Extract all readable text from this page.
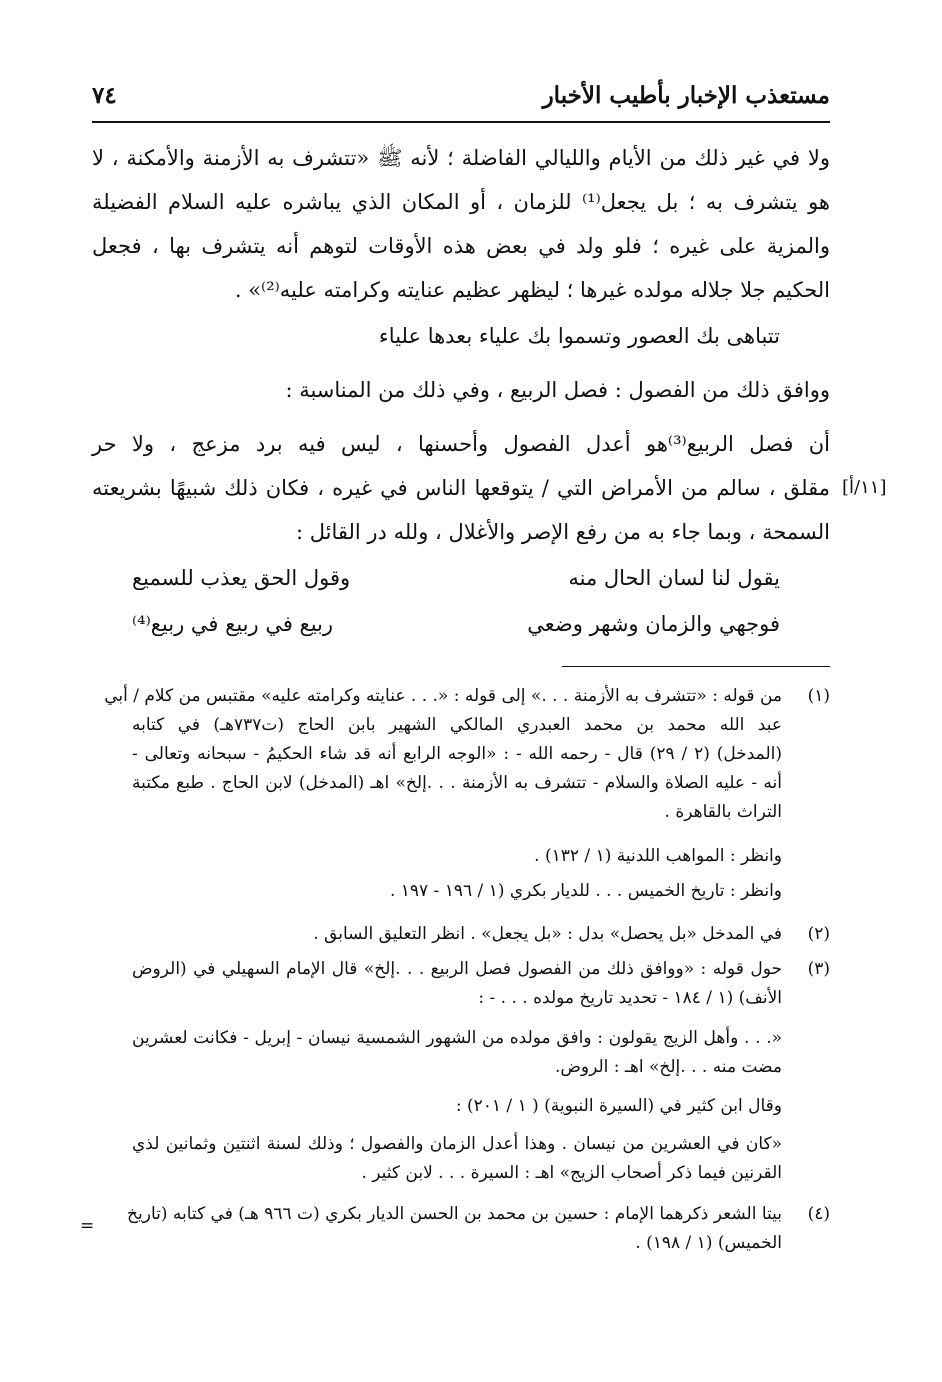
مستعذب الإخبار بأطيب الأخبار
٧٤
ولا في غير ذلك من الأيام والليالي الفاضلة ؛ لأنه ﷺ «تتشرف به الأزمنة والأمكنة ، لا
هو يتشرف به ؛ بل يجعل⁽¹⁾ للزمان ، أو المكان الذي يباشره عليه السلام الفضيلة
والمزية على غيره ؛ فلو ولد في بعض هذه الأوقات لتوهم أنه يتشرف بها ، فجعل
الحكيم جلا جلاله مولده غيرها ؛ ليظهر عظيم عنايته وكرامته عليه⁽²⁾» .
تتباهى بك العصور وتسموا بك علياء بعدها علياء
ووافق ذلك من الفصول : فصل الربيع ، وفي ذلك من المناسبة :
أن فصل الربيع⁽³⁾هو أعدل الفصول وأحسنها ، ليس فيه برد مزعج ، ولا حر
مقلق ، سالم من الأمراض التي / يتوقعها الناس في غيره ، فكان ذلك شبيهًا بشريعته
السمحة ، وبما جاء به من رفع الإصر والأغلال ، ولله در القائل :
يقول لنا لسان الحال منه
وقول الحق يعذب للسميع
فوجهي والزمان وشهر وضعي
ربيع في ربيع في ربيع⁽⁴⁾
[١١/أ]
(١)
من قوله : «تتشرف به الأزمنة . . .» إلى قوله : «. . . عنايته وكرامته عليه» مقتبس من كلام / أبي
عبد الله محمد بن محمد العبدري المالكي الشهير بابن الحاج (ت٧٣٧هـ) في كتابه
(المدخل) (٢ / ٢٩) قال - رحمه الله - : «الوجه الرابع أنه قد شاء الحكيمُ - سبحانه وتعالى -
أنه - عليه الصلاة والسلام - تتشرف به الأزمنة . . .إلخ» اهـ (المدخل) لابن الحاج . طبع مكتبة
التراث بالقاهرة .
وانظر : المواهب اللدنية (١ / ١٣٢) .
وانظر : تاريخ الخميس . . . للديار بكري (١ / ١٩٦ - ١٩٧ .
(٢)
في المدخل «بل يحصل» بدل : «بل يجعل» . انظر التعليق السابق .
(٣)
حول قوله : «ووافق ذلك من الفصول فصل الربيع . . .إلخ» قال الإمام السهيلي في (الروض
الأنف) (١ / ١٨٤ - تحديد تاريخ مولده . . . - :
«. . . وأهل الزيج يقولون : وافق مولده من الشهور الشمسية نيسان - إبريل - فكانت لعشرين
مضت منه . . .إلخ» اهـ : الروض.
وقال ابن كثير في (السيرة النبوية) ( ١ / ٢٠١) :
«كان في العشرين من نيسان . وهذا أعدل الزمان والفصول ؛ وذلك لسنة اثنتين وثمانين لذي
القرنين فيما ذكر أصحاب الزيج» اهـ : السيرة . . . لابن كثير .
(٤)
بيتا الشعر ذكرهما الإمام : حسين بن محمد بن الحسن الديار بكري (ت ٩٦٦ هـ) في كتابه (تاريخ
الخميس) (١ / ١٩٨) .
=
